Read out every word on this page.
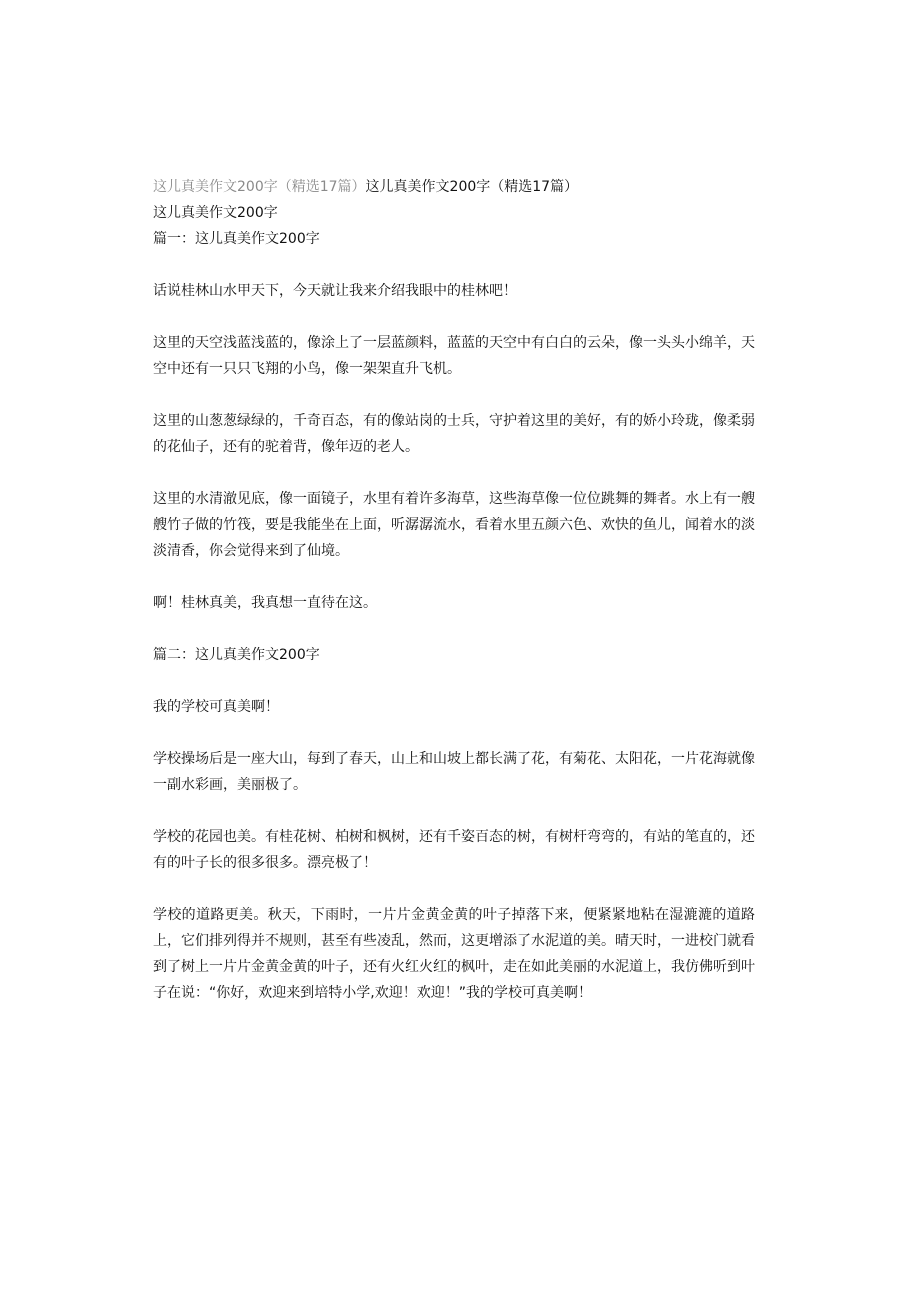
这儿真美作文200字（精选17篇）这儿真美作文200字（精选17篇）

这儿真美作文200字

篇一：这儿真美作文200字

话说桂林山水甲天下，今天就让我来介绍我眼中的桂林吧！

这里的天空浅蓝浅蓝的，像涂上了一层蓝颜料，蓝蓝的天空中有白白的云朵，像一头头小绵羊，天空中还有一只只飞翔的小鸟，像一架架直升飞机。

这里的山葱葱绿绿的，千奇百态，有的像站岗的士兵，守护着这里的美好，有的娇小玲珑，像柔弱的花仙子，还有的驼着背，像年迈的老人。

这里的水清澈见底，像一面镜子，水里有着许多海草，这些海草像一位位跳舞的舞者。水上有一艘艘竹子做的竹筏，要是我能坐在上面，听潺潺流水，看着水里五颜六色、欢快的鱼儿，闻着水的淡淡清香，你会觉得来到了仙境。

啊！桂林真美，我真想一直待在这。

篇二：这儿真美作文200字

我的学校可真美啊！

学校操场后是一座大山，每到了春天，山上和山坡上都长满了花，有菊花、太阳花，一片花海就像一副水彩画，美丽极了。

学校的花园也美。有桂花树、柏树和枫树，还有千姿百态的树，有树杆弯弯的，有站的笔直的，还有的叶子长的很多很多。漂亮极了！

学校的道路更美。秋天，下雨时，一片片金黄金黄的叶子掉落下来，便紧紧地粘在湿漉漉的道路上，它们排列得并不规则，甚至有些凌乱，然而，这更增添了水泥道的美。晴天时，一进校门就看到了树上一片片金黄金黄的叶子，还有火红火红的枫叶，走在如此美丽的水泥道上，我仿佛听到叶子在说：“你好，欢迎来到培特小学,欢迎！欢迎！”我的学校可真美啊！
